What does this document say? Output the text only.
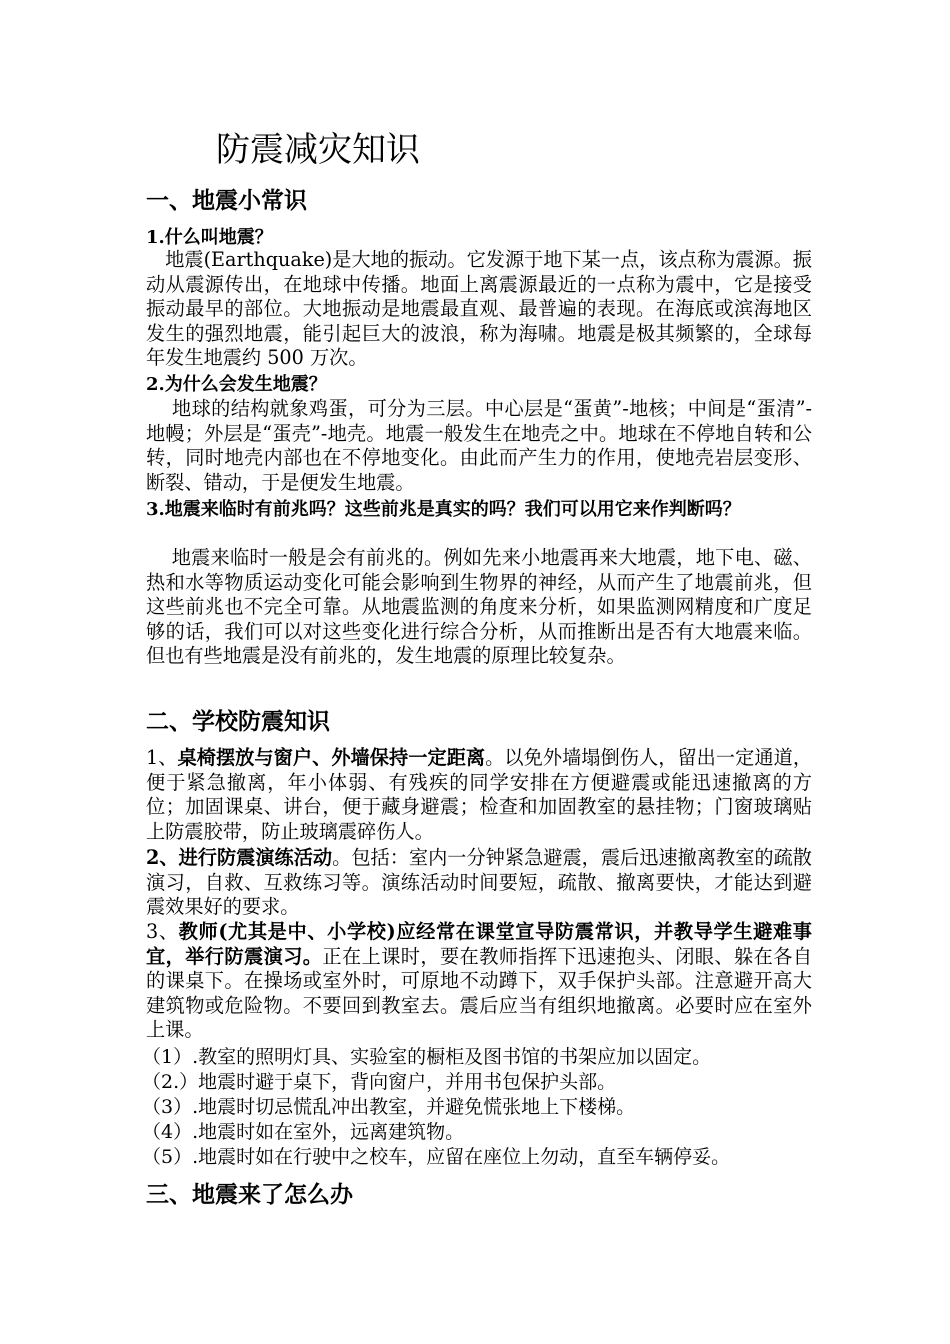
防震减灾知识
一、地震小常识
1.什么叫地震？
　地震(Earthquake)是大地的振动。它发源于地下某一点，该点称为震源。振动从震源传出，在地球中传播。地面上离震源最近的一点称为震中，它是接受振动最早的部位。大地振动是地震最直观、最普遍的表现。在海底或滨海地区发生的强烈地震，能引起巨大的波浪，称为海啸。地震是极其频繁的，全球每年发生地震约 500 万次。
2.为什么会发生地震？
　 地球的结构就象鸡蛋，可分为三层。中心层是“蛋黄”-地核；中间是“蛋清”-地幔；外层是“蛋壳”-地壳。地震一般发生在地壳之中。地球在不停地自转和公转，同时地壳内部也在不停地变化。由此而产生力的作用，使地壳岩层变形、断裂、错动，于是便发生地震。
3.地震来临时有前兆吗？这些前兆是真实的吗？我们可以用它来作判断吗？
　 地震来临时一般是会有前兆的。例如先来小地震再来大地震，地下电、磁、热和水等物质运动变化可能会影响到生物界的神经，从而产生了地震前兆，但这些前兆也不完全可靠。从地震监测的角度来分析，如果监测网精度和广度足够的话，我们可以对这些变化进行综合分析，从而推断出是否有大地震来临。但也有些地震是没有前兆的，发生地震的原理比较复杂。
二、学校防震知识
1、桌椅摆放与窗户、外墙保持一定距离。以免外墙塌倒伤人，留出一定通道，便于紧急撤离，年小体弱、有残疾的同学安排在方便避震或能迅速撤离的方位；加固课桌、讲台，便于藏身避震；检查和加固教室的悬挂物；门窗玻璃贴上防震胶带，防止玻璃震碎伤人。
2、进行防震演练活动。包括：室内一分钟紧急避震，震后迅速撤离教室的疏散演习，自救、互救练习等。演练活动时间要短，疏散、撤离要快，才能达到避震效果好的要求。
3、教师(尤其是中、小学校)应经常在课堂宣导防震常识，并教导学生避难事宜，举行防震演习。正在上课时，要在教师指挥下迅速抱头、闭眼、躲在各自的课桌下。在操场或室外时，可原地不动蹲下，双手保护头部。注意避开高大建筑物或危险物。不要回到教室去。震后应当有组织地撤离。必要时应在室外上课。
（1）.教室的照明灯具、实验室的橱柜及图书馆的书架应加以固定。
（2.）地震时避于桌下，背向窗户，并用书包保护头部。
（3）.地震时切忌慌乱冲出教室，并避免慌张地上下楼梯。
（4）.地震时如在室外，远离建筑物。
（5）.地震时如在行驶中之校车，应留在座位上勿动，直至车辆停妥。
三、地震来了怎么办
